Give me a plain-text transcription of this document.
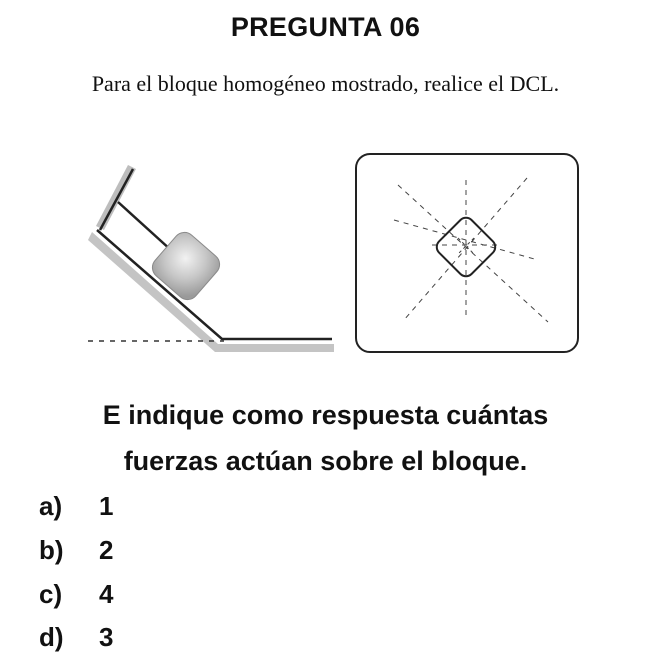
PREGUNTA 06
Para el bloque homogéneo mostrado, realice el DCL.
E indique como respuesta cuántas
fuerzas actúan sobre el bloque.
a) 1
b) 2
c) 4
d) 3
